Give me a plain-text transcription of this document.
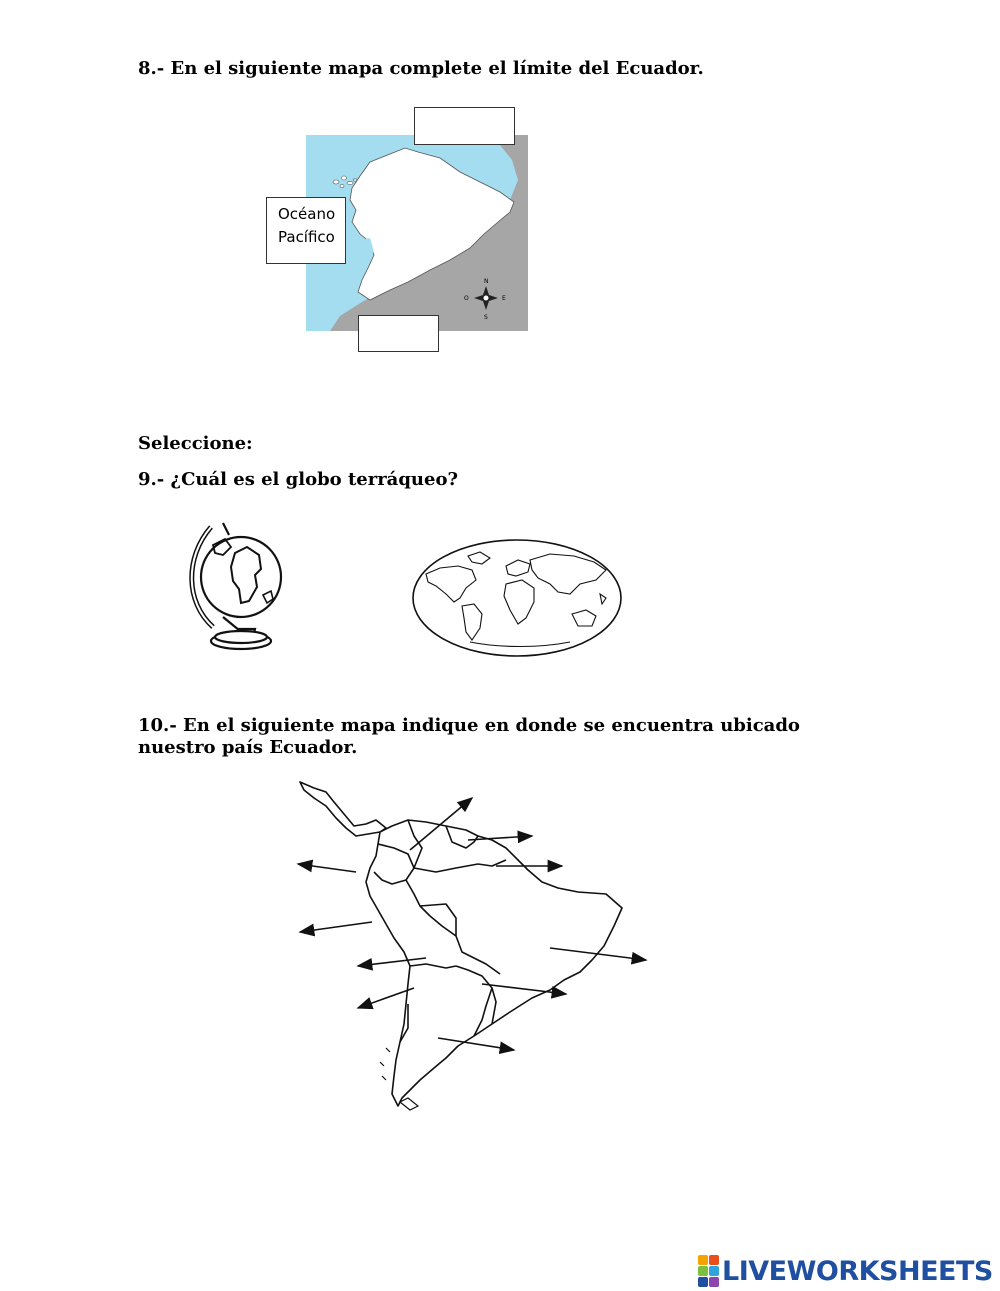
8.- En el siguiente mapa complete el límite del Ecuador.

N
S
E
O
Océano
Pacífico

Seleccione:

9.- ¿Cuál es el globo terráqueo?

10.- En el siguiente mapa indique en donde se encuentra ubicado

nuestro país Ecuador.

LIVEWORKSHEETS
